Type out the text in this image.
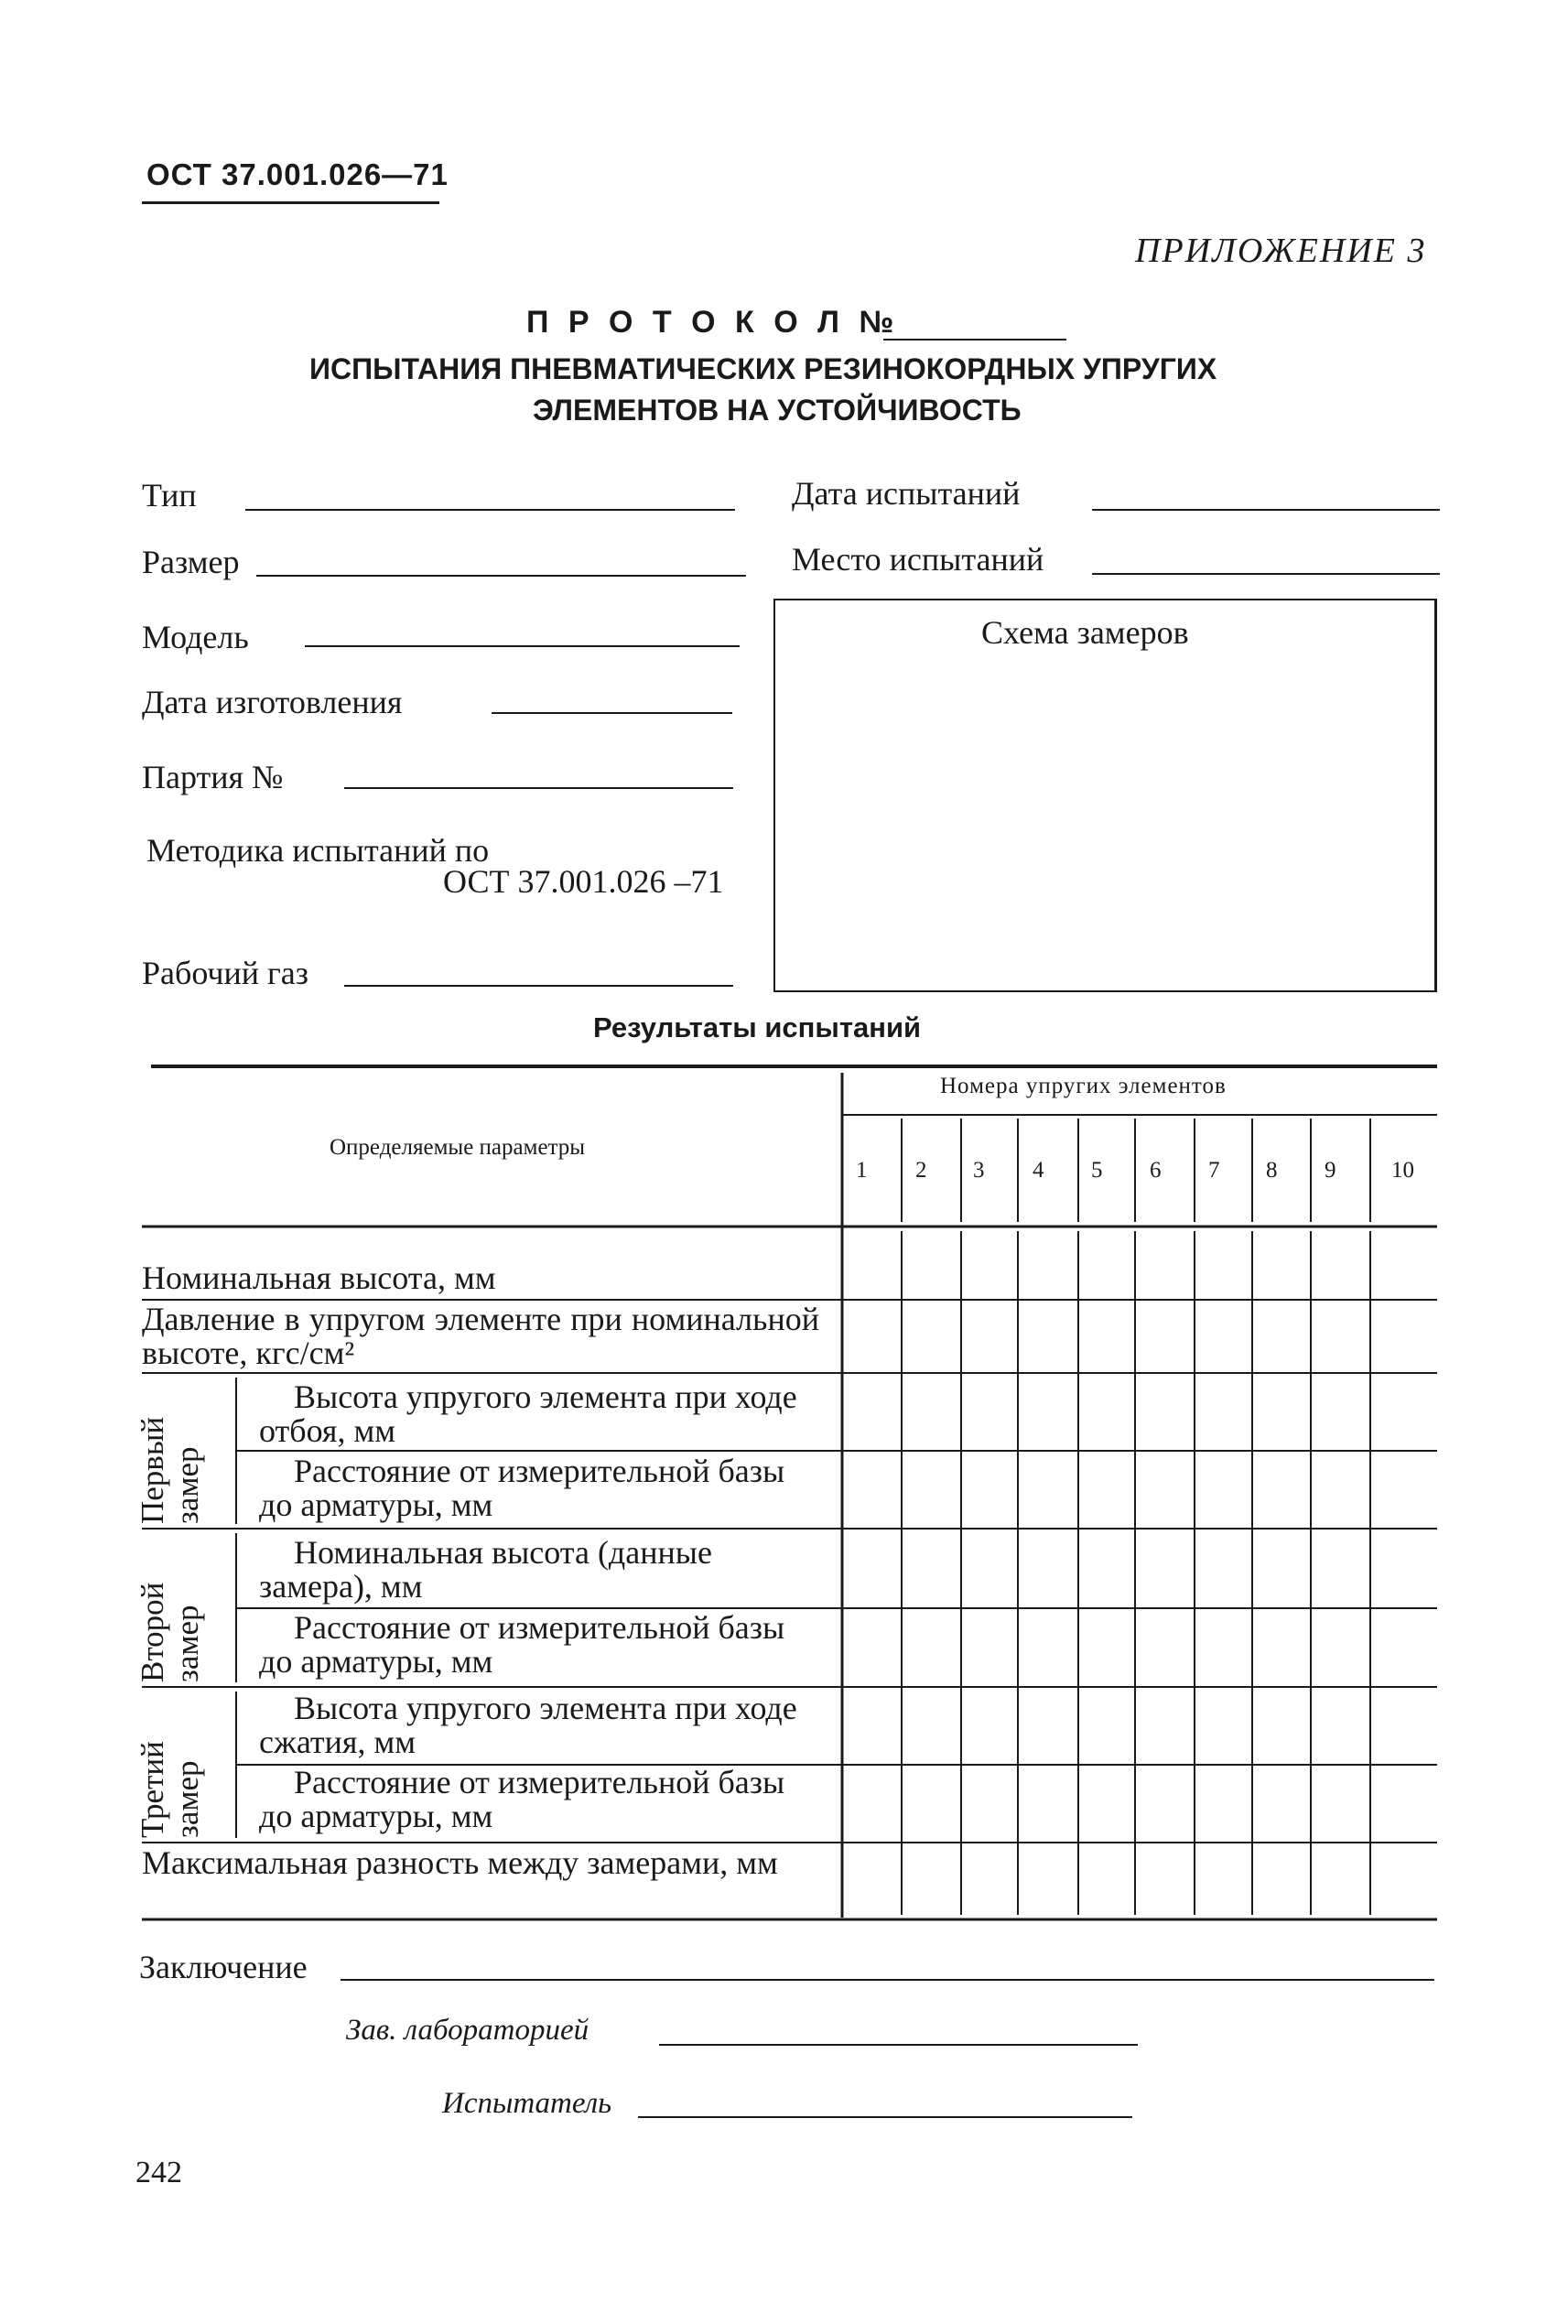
ОСТ 37.001.026—71
ПРИЛОЖЕНИЕ 3
П Р О Т О К О Л №
ИСПЫТАНИЯ ПНЕВМАТИЧЕСКИХ РЕЗИНОКОРДНЫХ УПРУГИХ
ЭЛЕМЕНТОВ НА УСТОЙЧИВОСТЬ
Тип
Размер
Модель
Дата изготовления
Партия №
Методика испытаний по
ОСТ 37.001.026 –71
Рабочий газ
Дата испытаний
Место испытаний
Схема замеров
Результаты испытаний
Определяемые параметры
Номера упругих элементов
1 2 3 4 5 6 7 8 9 10
Номинальная высота, мм
Давление в упругом элементе при номинальной высоте, кгс/см²
Первый замер
Высота упругого элемента при ходе отбоя, мм
Расстояние от измерительной базы до арматуры, мм
Второй замер
Номинальная высота (данные замера), мм
Расстояние от измерительной базы до арматуры, мм
Третий замер
Высота упругого элемента при ходе сжатия, мм
Расстояние от измерительной базы до арматуры, мм
Максимальная разность между замерами, мм
Заключение
Зав. лабораторией
Испытатель
242
